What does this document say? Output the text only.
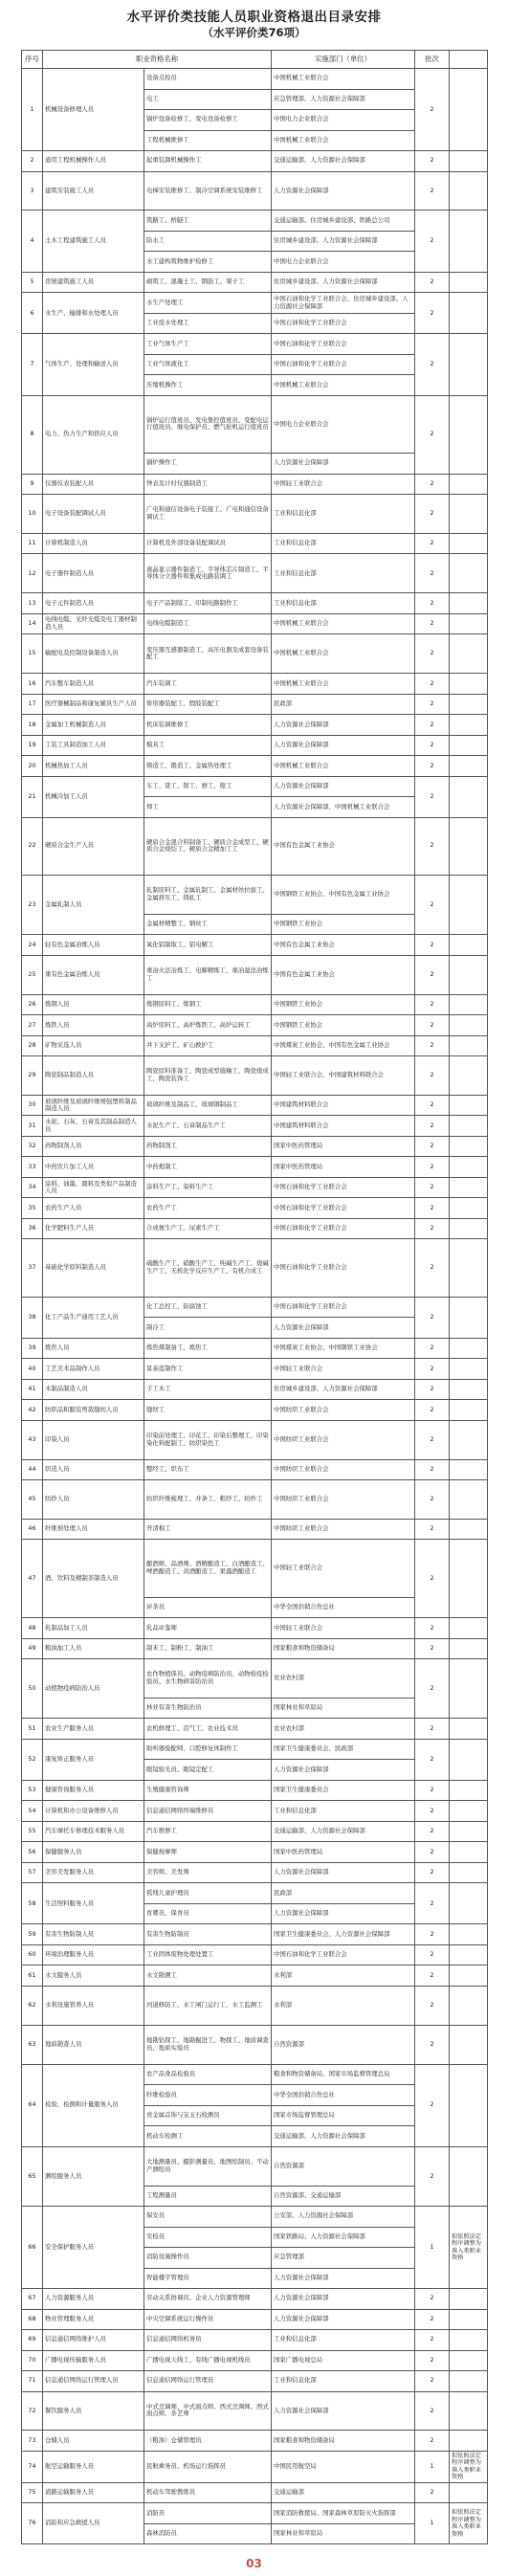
水平评价类技能人员职业资格退出目录安排
（水平评价类76项）
序号	职业资格名称		实施部门（单位）	批次	
1	机械设备修理人员	设备点检员	中国机械工业联合会	2	
		电工	应急管理部、人力资源社会保障部		
		锅炉设备检修工、变电设备检修工	中国电力企业联合会		
		工程机械维修工	中国机械工业联合会		
2	通用工程机械操作人员	起重装卸机械操作工	交通运输部、人力资源社会保障部	2	
3	建筑安装施工人员	电梯安装维修工、制冷空调系统安装维修工	人力资源社会保障部	2	
4	土木工程建筑施工人员	筑路工、桥隧工	交通运输部、住房城乡建设部、铁路总公司	2	
		防水工	住房城乡建设部、人力资源社会保障部		
		水工建构筑物维护检修工	中国电力企业联合会		
5	房屋建筑施工人员	砌筑工、混凝土工、钢筋工、架子工	住房城乡建设部、人力资源社会保障部	2	
6	水生产、输排和水处理人员	水生产处理工	中国石油和化学工业联合会、住房城乡建设部、人力资源社会保障部	2	
		工业废水处理工	中国石油和化学工业联合会		
7	气体生产、处理和输送人员	工业气体生产工	中国石油和化学工业联合会	2	
		工业气体液化工	中国石油和化学工业联合会		
		压缩机操作工	中国机械工业联合会		
8	电力、热力生产和供应人员	锅炉运行值班员、发电集控值班员、变配电运行值班员、继电保护员、燃气轮机运行值班员	中国电力企业联合会	2	
		锅炉操作工	人力资源社会保障部		
9	仪器仪表装配人员	钟表及计时仪器制造工	中国轻工业联合会	2	
10	电子设备装配调试人员	广电和通信设备电子装接工、广电和通信设备调试工	工业和信息化部	2	
11	计算机制造人员	计算机及外部设备装配调试员	工业和信息化部	2	
12	电子器件制造人员	液晶显示器件制造工、半导体芯片制造工、半导体分立器件和集成电路装调工	工业和信息化部	2	
13	电子元件制造人员	电子产品制版工、印制电路制作工	工业和信息化部	2	
14	电线电缆、光纤光缆及电工器材制造人员	电线电缆制造工	中国机械工业联合会	2	
15	输配电及控制设备制造人员	变压器互感器制造工、高压电器及成套设备装配工	中国机械工业联合会	2	
16	汽车整车制造人员	汽车装调工	中国机械工业联合会	2	
17	医疗器械制品和康复辅具生产人员	矫形器装配工、假肢装配工	民政部	2	
18	金属加工机械制造人员	机床装调维修工	人力资源社会保障部	2	
19	工装工具制造加工人员	模具工	人力资源社会保障部	2	
20	机械热加工人员	铸造工、锻造工、金属热处理工	中国机械工业联合会	2	
21	机械冷加工人员	车工、铣工、钳工、磨工、镗工	人力资源社会保障部	2	
		焊工	人力资源社会保障部、中国机械工业联合会		
22	硬质合金生产人员	硬质合金混合料制备工、硬质合金成型工、硬质合金烧结工、硬质合金精加工工	中国有色金属工业协会	2	
23	金属轧制人员	轧制原料工、金属轧制工、金属材丝拉拔工、金属挤压工、铸轧工	中国钢铁工业协会、中国有色金属工业协会	2	
		金属材精整工、钢丝工	中国钢铁工业协会		
24	轻有色金属冶炼人员	氧化铝制取工、铝电解工	中国有色金属工业协会	2	
25	重有色金属冶炼人员	重冶火法冶炼工、电解精炼工、重冶湿法冶炼工	中国有色金属工业协会	2	
26	炼钢人员	炼钢原料工、炼钢工	中国钢铁工业协会	2	
27	炼铁人员	高炉原料工、高炉炼铁工、高炉运转工	中国钢铁工业协会	2	
28	矿物采选人员	井下支护工、矿山救护工	中国煤炭工业协会、中国有色金属工业协会	2	
29	陶瓷制品制造人员	陶瓷原料准备工、陶瓷成型施釉工、陶瓷烧成工、陶瓷装饰工	中国轻工业联合会、中国建筑材料联合会	2	
30	玻璃纤维及玻璃纤维增强塑料制品制造人员	玻璃纤维及制品工、玻璃钢制品工	中国建筑材料联合会	2	
31	水泥、石灰、石膏及其制品制造人员	水泥生产工、石膏制品生产工	中国建筑材料联合会	2	
32	药物制剂人员	药物制剂工	国家中医药管理局	2	
33	中药饮片加工人员	中药炮制工	国家中医药管理局	2	
34	涂料、油墨、颜料及类似产品制造人员	涂料生产工、染料生产工	中国石油和化学工业联合会	2	
35	农药生产人员	农药生产工	中国石油和化学工业联合会	2	
36	化学肥料生产人员	合成氨生产工、尿素生产工	中国石油和化学工业联合会	2	
37	基础化学原料制造人员	硫酸生产工、硝酸生产工、纯碱生产工、烧碱生产工、无机化学反应生产工、有机合成工	中国石油和化学工业联合会	2	
38	化工产品生产通用工艺人员	化工总控工、防腐蚀工	中国石油和化学工业联合会	2	
		制冷工	人力资源社会保障部		
39	炼焦人员	炼焦煤制备工、炼焦工	中国煤炭工业协会、中国钢铁工业协会	2	
40	工艺美术品制作人员	景泰蓝制作工	中国轻工业联合会	2	
41	木制品制造人员	手工木工	住房城乡建设部、人力资源社会保障部	2	
42	纺织品和服装剪裁缝纫人员	缝纫工	中国纺织工业联合会	2	
43	印染人员	印染前处理工、印花工、印染后整理工、印染染化料配制工、纺织染色工	中国纺织工业联合会	2	
44	织造人员	整经工、织布工	中国纺织工业联合会	2	
45	纺纱人员	纺织纤维梳理工、并条工、粗纱工、纺纱工	中国纺织工业联合会	2	
46	纤维预处理人员	开清棉工	中国纺织工业联合会	2	
47	酒、饮料及精制茶制造人员	酿酒师、品酒师、酒精酿造工、白酒酿造工、啤酒酿造工、黄酒酿造工、果露酒酿造工	中国轻工业联合会	2	
		评茶员	中华全国供销合作总社		
48	乳制品加工人员	乳品评鉴师	中国轻工业联合会	2	
49	粮油加工人员	制米工、制粉工、制油工	国家粮食和物资储备局	2	
50	动植物疫病防治人员	农作物植保员、动物疫病防治员、动物检疫检验员、水生物病害防治员	农业农村部	2	
		林业有害生物防治员	国家林业和草原局		
51	农业生产服务人员	农机修理工、沼气工、农业技术员	农业农村部	2	
52	康复矫正服务人员	助听器验配师、口腔修复体制作工	国家卫生健康委员会、民政部	2	
		眼镜验光员、眼镜定配工	人力资源社会保障部		
53	健康咨询服务人员	生殖健康咨询师	国家卫生健康委员会	2	
54	计算机和办公设备维修人员	信息通信网络终端维修员	工业和信息化部	2	
55	汽车摩托车修理技术服务人员	汽车维修工	交通运输部、人力资源社会保障部	2	
56	保健服务人员	保健按摩师	国家中医药管理局	2	
57	美容美发服务人员	美容师、美发师	人力资源社会保障部	2	
58	生活照料服务人员	孤残儿童护理员	民政部	2	
		育婴员、保育员	人力资源社会保障部		
59	有害生物防制人员	有害生物防制员	国家卫生健康委员会、人力资源社会保障部	2	
60	环境治理服务人员	工业固体废物处理处置工	中国石油和化学工业联合会	2	
61	水文服务人员	水文勘测工	水利部	2	
62	水利设施管养人员	河道修防工、水工闸门运行工、水工监测工	水利部	2	
63	地质勘查人员	地勘钻探工、地勘掘进工、物探工、地质调查员、地质实验员	自然资源部	2	
64	检验、检测和计量服务人员	农产品食品检验员	粮食和物资储备局、国家市场监督管理总局	2	
		纤维检验员	中华全国供销合作总社		
		贵金属首饰与宝玉石检测员	国家市场监督管理总局		
		机动车检测工	交通运输部、人力资源社会保障部		
65	测绘服务人员	大地测量员、摄影测量员、地图绘制员、不动产测绘员	自然资源部	2	
		工程测量员	自然资源部、交通运输部		
66	安全保护服务人员	保安员	公安部、人力资源社会保障部	1	拟依照法定程序调整为准入类职业资格
		安检员	国家铁路局、人力资源社会保障部		
		消防设施操作员	应急管理部		
		智能楼宇管理员	人力资源社会保障部		
67	人力资源服务人员	劳动关系协调员、企业人力资源管理师	人力资源社会保障部	2	
68	物业管理服务人员	中央空调系统运行操作员	人力资源社会保障部	2	
69	信息通信网络维护人员	信息通信网络机务员	工业和信息化部	2	
70	广播电视传输服务人员	广播电视天线工、有线广播电视机线员	国家广播电视总局	2	
71	信息通信网络运行管理人员	信息通信网络运行管理员	工业和信息化部	2	
72	餐饮服务人员	中式烹调师、中式面点师、西式烹调师、西式面点师、茶艺师	人力资源社会保障部	2	
73	仓储人员	（粮油）仓储管理员	国家粮食和物资储备局	2	
74	航空运输服务人员	民航乘务员、机场运行指挥员	中国民用航空局	1	拟依照法定程序调整为准入类职业资格
75	道路运输服务人员	机动车驾驶教练员	交通运输部	2	
76	消防和应急救援人员	消防员	国家消防救援局、国家森林草原防灭火指挥部	1	拟依照法定程序调整为准入类职业资格
		森林消防员	国家林业和草原局		
03
